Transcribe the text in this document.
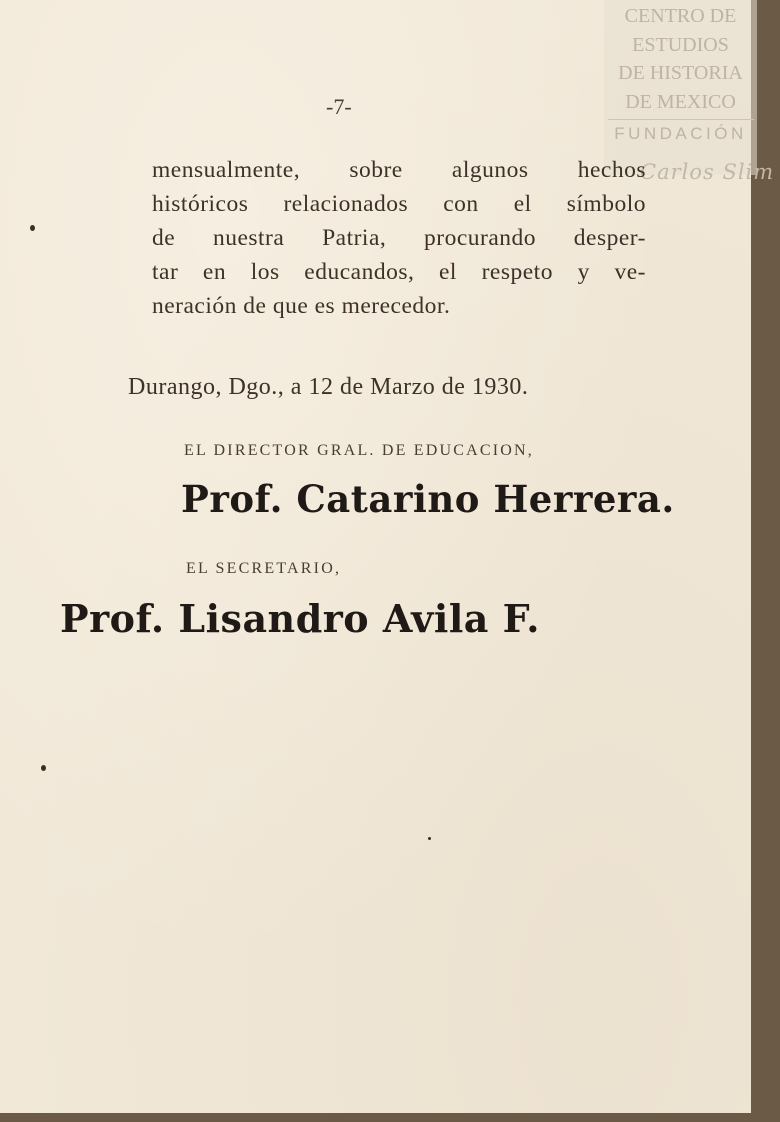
CENTRO DE
ESTUDIOS
DE HISTORIA
DE MEXICO
FUNDACIÓN
Carlos Slim
-7-
mensualmente, sobre algunos hechos
históricos relacionados con el símbolo
de nuestra Patria, procurando desper-
tar en los educandos, el respeto y ve-
neración de que es merecedor.
Durango, Dgo., a 12 de Marzo de 1930.
EL DIRECTOR GRAL. DE EDUCACION,
Prof. Catarino Herrera.
EL SECRETARIO,
Prof. Lisandro Avila F.
